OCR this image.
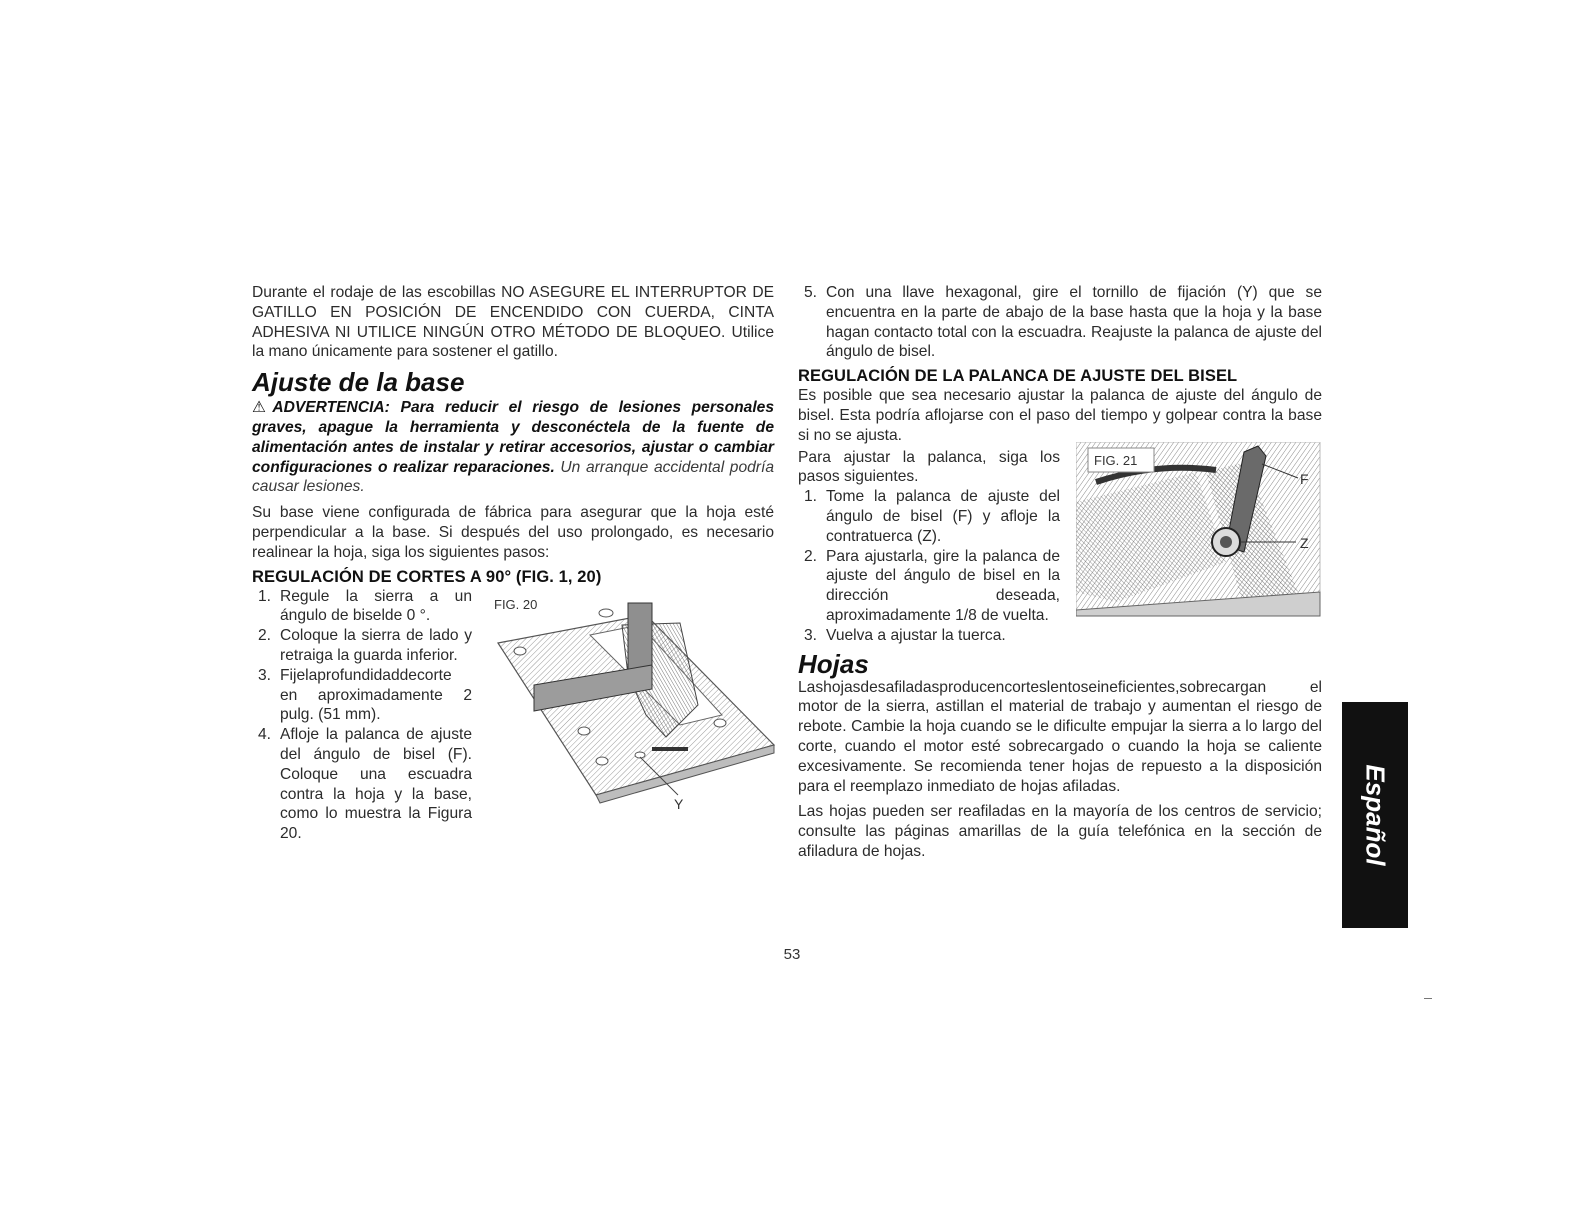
Durante el rodaje de las escobillas NO ASEGURE EL INTERRUPTOR DE GATILLO EN POSICIÓN DE ENCENDIDO CON CUERDA, CINTA ADHESIVA NI UTILICE NINGÚN OTRO MÉTODO DE BLOQUEO. Utilice la mano únicamente para sostener el gatillo.

Ajuste de la base

⚠ADVERTENCIA: Para reducir el riesgo de lesiones personales graves, apague la herramienta y desconéctela de la fuente de alimentación antes de instalar y retirar accesorios, ajustar o cambiar configuraciones o realizar reparaciones. Un arranque accidental podría causar lesiones.

Su base viene configurada de fábrica para asegurar que la hoja esté perpendicular a la base. Si después del uso prolongado, es necesario realinear la hoja, siga los siguientes pasos:

REGULACIÓN DE CORTES A 90° (FIG. 1, 20)
1. Regule la sierra a un ángulo de biselde 0 °.
2. Coloque la sierra de lado y retraiga la guarda inferior.
3. Fijelaprofundidaddecorte en aproximadamente 2 pulg. (51 mm).
4. Afloje la palanca de ajuste del ángulo de bisel (F). Coloque una escuadra contra la hoja y la base, como lo muestra la Figura 20.
FIG. 20
Y
5. Con una llave hexagonal, gire el tornillo de fijación (Y) que se encuentra en la parte de abajo de la base hasta que la hoja y la base hagan contacto total con la escuadra. Reajuste la palanca de ajuste del ángulo de bisel.
REGULACIÓN DE LA PALANCA DE AJUSTE DEL BISEL

Es posible que sea necesario ajustar la palanca de ajuste del ángulo de bisel. Esta podría aflojarse con el paso del tiempo y golpear contra la base si no se ajusta.

Para ajustar la palanca, siga los pasos siguientes.

1. Tome la palanca de ajuste del ángulo de bisel (F) y afloje la contratuerca (Z).
2. Para ajustarla, gire la palanca de ajuste del ángulo de bisel en la dirección deseada, aproximadamente 1/8 de vuelta.
3. Vuelva a ajustar la tuerca.
FIG. 21
F
Z
Hojas

Lashojasdesafiladasproducencorteslentoseineficientes,sobrecargan el motor de la sierra, astillan el material de trabajo y aumentan el riesgo de rebote. Cambie la hoja cuando se le dificulte empujar la sierra a lo largo del corte, cuando el motor esté sobrecargado o cuando la hoja se caliente excesivamente. Se recomienda tener hojas de repuesto a la disposición para el reemplazo inmediato de hojas afiladas.

Las hojas pueden ser reafiladas en la mayoría de los centros de servicio; consulte las páginas amarillas de la guía telefónica en la sección de afiladura de hojas.

53
Español
